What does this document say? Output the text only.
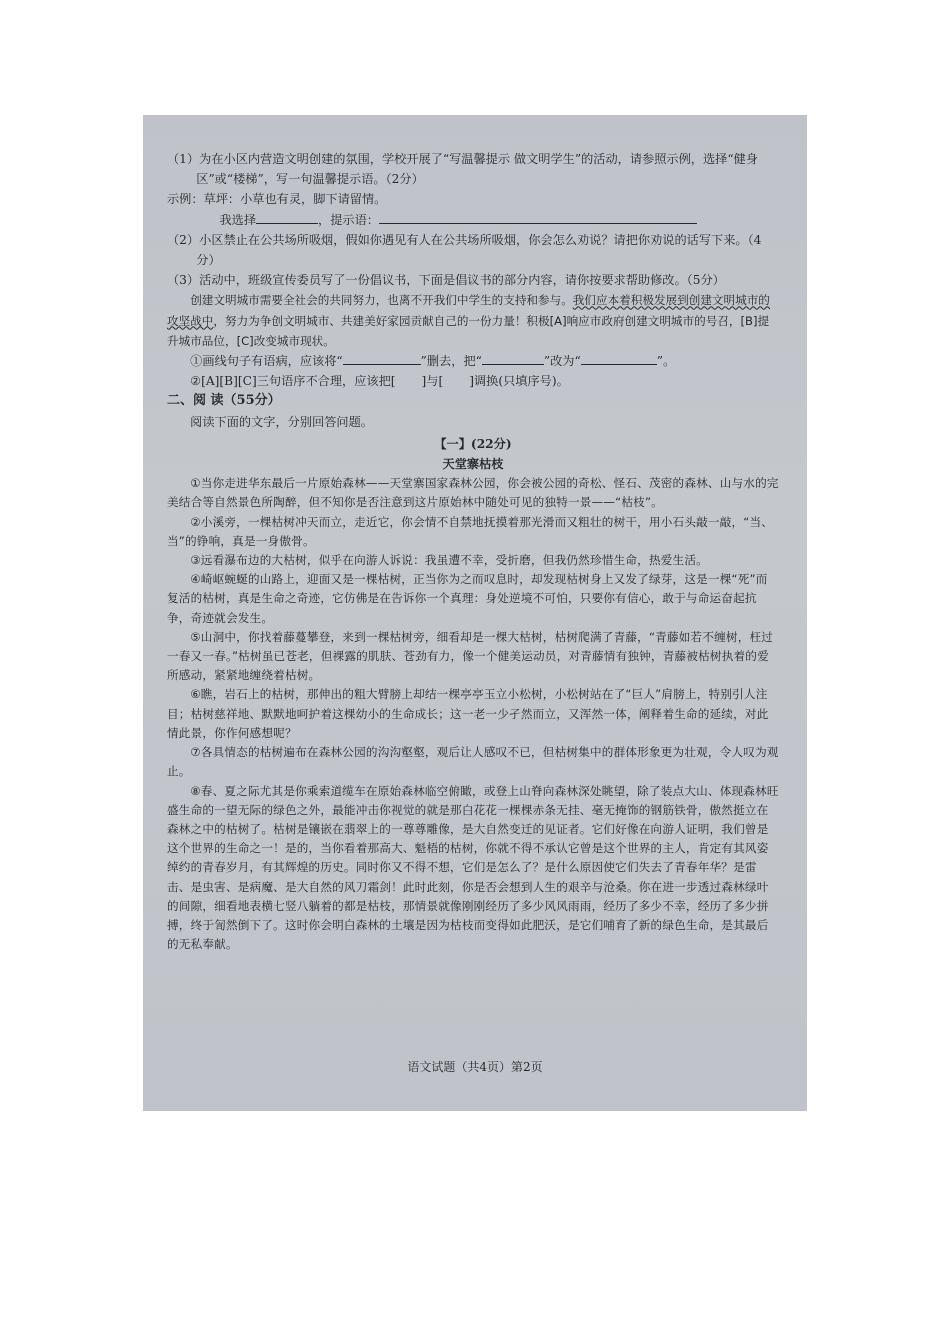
（1）为在小区内营造文明创建的氛围，学校开展了“写温馨提示 做文明学生”的活动，请参照示例，选择“健身区”或“楼梯”，写一句温馨提示语。（2分）

示例：草坪：小草也有灵，脚下请留情。

我选择	，提示语：

（2）小区禁止在公共场所吸烟，假如你遇见有人在公共场所吸烟，你会怎么劝说？请把你劝说的话写下来。（4分）

（3）活动中，班级宣传委员写了一份倡议书，下面是倡议书的部分内容，请你按要求帮助修改。（5分）

创建文明城市需要全社会的共同努力，也离不开我们中学生的支持和参与。我们应本着积极发展到创建文明城市的攻坚战中，努力为争创文明城市、共建美好家园贡献自己的一份力量！积极[A]响应市政府创建文明城市的号召，[B]提升城市品位，[C]改变城市现状。

①画线句子有语病，应该将“	”删去，把“	”改为“	”。

②[A][B][C]三句语序不合理，应该把[ ]与[ ]调换(只填序号)。

二、阅 读（55分）

阅读下面的文字，分别回答问题。

【一】(22分)

天堂寨枯枝

①当你走进华东最后一片原始森林——天堂寨国家森林公园，你会被公园的奇松、怪石、茂密的森林、山与水的完美结合等自然景色所陶醉，但不知你是否注意到这片原始林中随处可见的独特一景——“枯枝”。

②小溪旁，一棵枯树冲天而立，走近它，你会情不自禁地抚摸着那光滑而又粗壮的树干，用小石头敲一敲，“当、当”的铮响，真是一身傲骨。

③远看瀑布边的大枯树，似乎在向游人诉说：我虽遭不幸，受折磨，但我仍然珍惜生命，热爱生活。

④崎岖蜿蜒的山路上，迎面又是一棵枯树，正当你为之而叹息时，却发现枯树身上又发了绿芽，这是一棵“死”而复活的枯树，真是生命之奇迹，它仿佛是在告诉你一个真理：身处逆境不可怕，只要你有信心，敢于与命运奋起抗争，奇迹就会发生。

⑤山洞中，你找着藤蔓攀登，来到一棵枯树旁，细看却是一棵大枯树，枯树爬满了青藤，“青藤如若不缠树，枉过一春又一春。”枯树虽已苍老，但裸露的肌肤、苍劲有力，像一个健美运动员，对青藤情有独钟，青藤被枯树执着的爱所感动，紧紧地缠绕着枯树。

⑥瞧，岩石上的枯树，那伸出的粗大臂膀上却结一棵亭亭玉立小松树，小松树站在了“巨人”肩膀上，特别引人注目；枯树慈祥地、默默地呵护着这棵幼小的生命成长；这一老一少孑然而立，又浑然一体，阐释着生命的延续，对此情此景，你作何感想呢？

⑦各具情态的枯树遍布在森林公园的沟沟壑壑，观后让人感叹不已，但枯树集中的群体形象更为壮观，令人叹为观止。

⑧春、夏之际尤其是你乘索道缆车在原始森林临空俯瞰，或登上山脊向森林深处眺望，除了装点大山、体现森林旺盛生命的一望无际的绿色之外，最能冲击你视觉的就是那白花花一棵棵赤条无挂、毫无掩饰的钢筋铁骨，傲然挺立在森林之中的枯树了。枯树是镶嵌在翡翠上的一尊尊雕像，是大自然变迁的见证者。它们好像在向游人证明，我们曾是这个世界的生命之一！是的，当你看着那高大、魁梧的枯树，你就不得不承认它曾是这个世界的主人，肯定有其风姿绰约的青春岁月，有其辉煌的历史。同时你又不得不想，它们是怎么了？是什么原因使它们失去了青春年华？是雷击、是虫害、是病魔、是大自然的风刀霜剑！此时此刻，你是否会想到人生的艰辛与沧桑。你在进一步透过森林绿叶的间隙，细看地表横七竖八躺着的都是枯枝，那情景就像刚刚经历了多少风风雨雨，经历了多少不幸，经历了多少拼搏，终于訇然倒下了。这时你会明白森林的土壤是因为枯枝而变得如此肥沃，是它们哺育了新的绿色生命，是其最后的无私奉献。

语文试题（共4页）第2页
